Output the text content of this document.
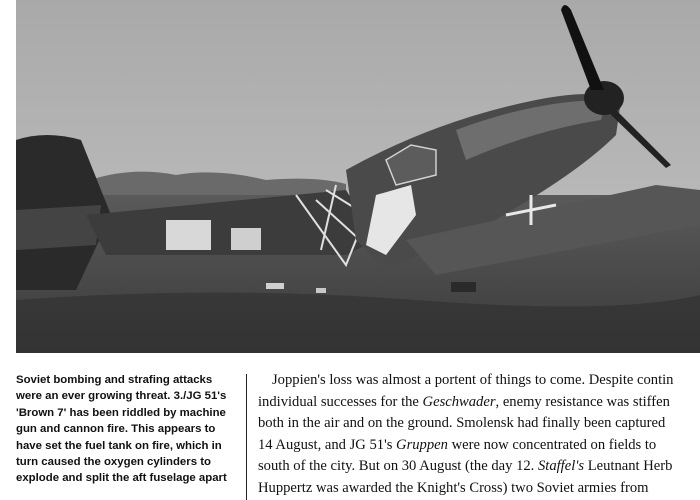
Soviet bombing and strafing attacks were an ever growing threat. 3./JG 51's 'Brown 7' has been riddled by machine gun and cannon fire. This appears to have set the fuel tank on fire, which in turn caused the oxygen cylinders to explode and split the aft fuselage apart
Joppien's loss was almost a portent of things to come. Despite contin
individual successes for the Geschwader, enemy resistance was stiffen
both in the air and on the ground. Smolensk had finally been captured
14 August, and JG 51's Gruppen were now concentrated on fields to
south of the city. But on 30 August (the day 12. Staffel's Leutnant Herb
Huppertz was awarded the Knight's Cross) two Soviet armies from
